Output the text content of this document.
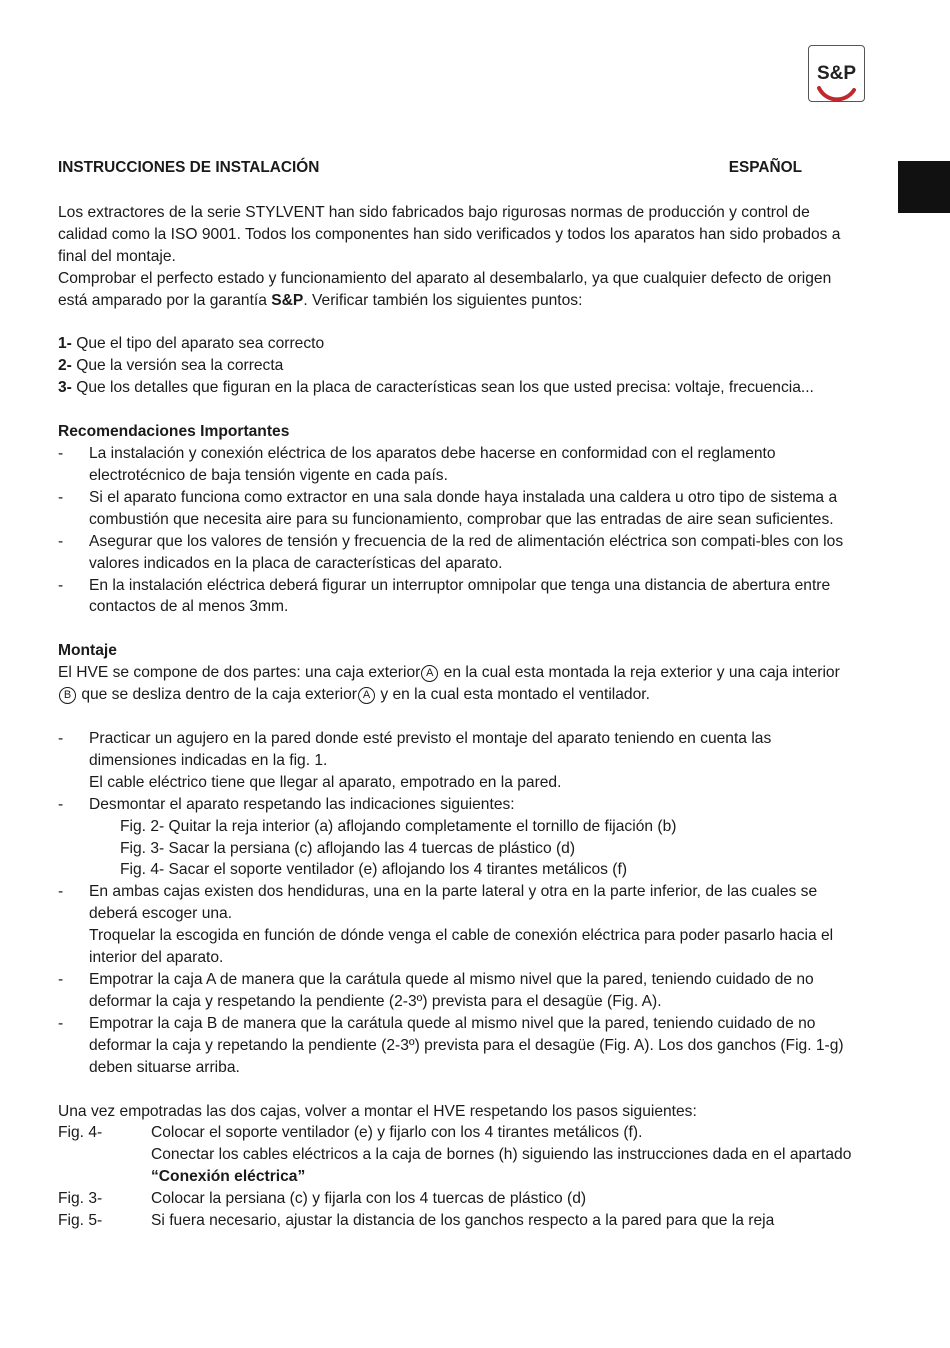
S&P
INSTRUCCIONES DE INSTALACIÓN	ESPAÑOL

Los extractores de la serie STYLVENT han sido fabricados bajo rigurosas normas de producción y control de calidad como la ISO 9001. Todos los componentes han sido verificados y todos los aparatos han sido probados a final del montaje.

Comprobar el perfecto estado y funcionamiento del aparato al desembalarlo, ya que cualquier defecto de origen está amparado por la garantía S&P. Verificar también los siguientes puntos:

1- Que el tipo del aparato sea correcto

2- Que la versión sea la correcta

3- Que los detalles que figuran en la placa de características sean los que usted precisa: voltaje, frecuencia...

Recomendaciones Importantes

- La instalación y conexión eléctrica de los aparatos debe hacerse en conformidad con el reglamento electrotécnico de baja tensión vigente en cada país.

- Si el aparato funciona como extractor en una sala donde haya instalada una caldera u otro tipo de sistema a combustión que necesita aire para su funcionamiento, comprobar que las entradas de aire sean suficientes.

- Asegurar que los valores de tensión y frecuencia de la red de alimentación eléctrica son compati-bles con los valores indicados en la placa de características del aparato.

- En la instalación eléctrica deberá figurar un interruptor omnipolar que tenga una distancia de abertura entre contactos de al menos 3mm.

Montaje

El HVE se compone de dos partes: una caja exterior A en la cual esta montada la reja exterior y una caja interiorB que se desliza dentro de la caja exterior A y en la cual esta montado el ventilador.

- Practicar un agujero en la pared donde esté previsto el montaje del aparato teniendo en cuenta las dimensiones indicadas en la fig. 1.

El cable eléctrico tiene que llegar al aparato, empotrado en la pared.

- Desmontar el aparato respetando las indicaciones siguientes:

Fig. 2- Quitar la reja interior (a) aflojando completamente el tornillo de fijación (b)

Fig. 3- Sacar la persiana (c) aflojando las 4 tuercas de plástico (d)

Fig. 4- Sacar el soporte ventilador (e) aflojando los 4 tirantes metálicos (f)

- En ambas cajas existen dos hendiduras, una en la parte lateral y otra en la parte inferior, de las cuales se deberá escoger una.

Troquelar la escogida en función de dónde venga el cable de conexión eléctrica para poder pasarlo hacia el interior del aparato.

- Empotrar la caja A de manera que la carátula quede al mismo nivel que la pared, teniendo cuidado de no deformar la caja y respetando la pendiente (2-3º) prevista para el desagüe (Fig. A).

- Empotrar la caja B de manera que la carátula quede al mismo nivel que la pared, teniendo cuidado de no deformar la caja y repetando la pendiente (2-3º) prevista para el desagüe (Fig. A). Los dos ganchos (Fig. 1-g) deben situarse arriba.

Una vez empotradas las dos cajas, volver a montar el HVE respetando los pasos siguientes:

Fig. 4-	Colocar el soporte ventilador (e) y fijarlo con los 4 tirantes metálicos (f).

Conectar los cables eléctricos a la caja de bornes (h) siguiendo las instrucciones dada en el apartado “Conexión eléctrica”

Fig. 3-	Colocar la persiana (c) y fijarla con los 4 tuercas de plástico (d)

Fig. 5-	Si fuera necesario, ajustar la distancia de los ganchos respecto a la pared para que la reja
